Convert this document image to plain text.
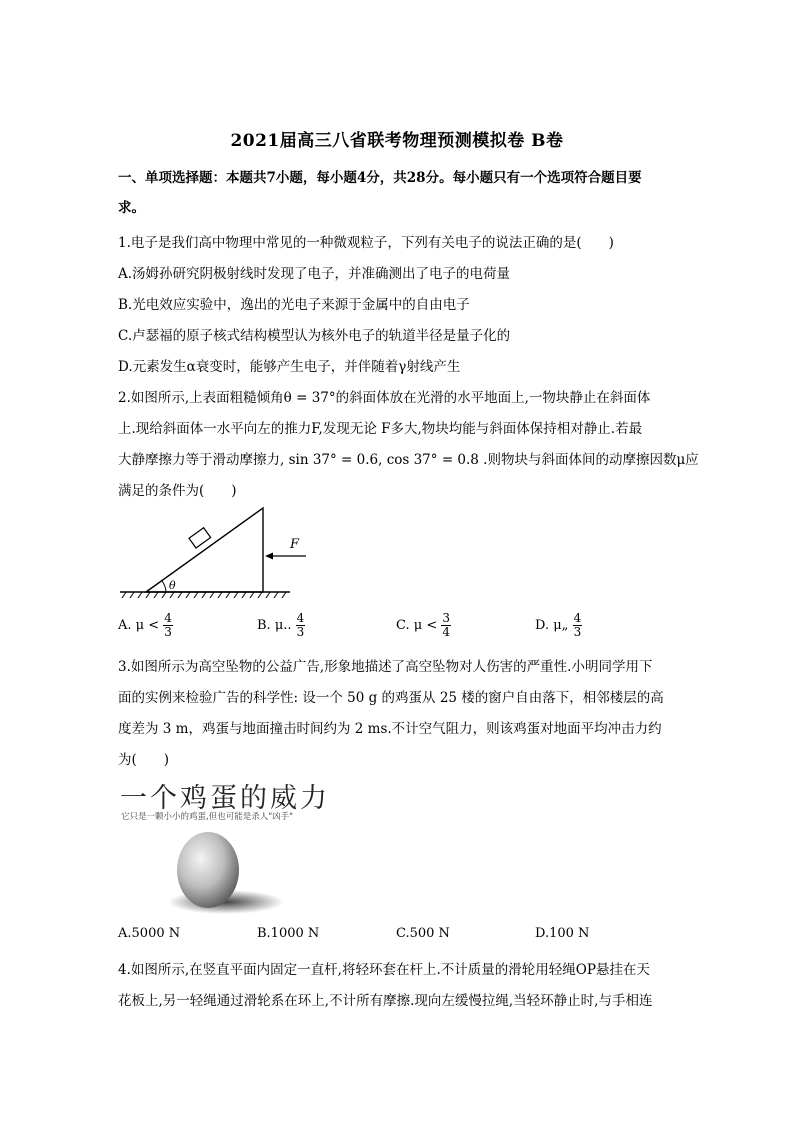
2021届高三八省联考物理预测模拟卷 B卷
一、单项选择题：本题共7小题，每小题4分，共28分。每小题只有一个选项符合题目要
求。
1.电子是我们高中物理中常见的一种微观粒子，下列有关电子的说法正确的是(　　)
A.汤姆孙研究阴极射线时发现了电子，并准确测出了电子的电荷量
B.光电效应实验中，逸出的光电子来源于金属中的自由电子
C.卢瑟福的原子核式结构模型认为核外电子的轨道半径是量子化的
D.元素发生α衰变时，能够产生电子，并伴随着γ射线产生
2.如图所示,上表面粗糙倾角θ = 37°的斜面体放在光滑的水平地面上,一物块静止在斜面体
上.现给斜面体一水平向左的推力F,发现无论 F多大,物块均能与斜面体保持相对静止.若最
大静摩擦力等于滑动摩擦力, sin 37° = 0.6, cos 37° = 0.8 .则物块与斜面体间的动摩擦因数μ应
满足的条件为(　　)
θ
F
A. $\mu < \frac{4}{3}$	B. μ.. $\frac{4}{3}$	C. $\mu < \frac{3}{4}$	D. μ„ $\frac{4}{3}$
3.如图所示为高空坠物的公益广告,形象地描述了高空坠物对人伤害的严重性.小明同学用下
面的实例来检验广告的科学性: 设一个 50 g 的鸡蛋从 25 楼的窗户自由落下，相邻楼层的高
度差为 3 m，鸡蛋与地面撞击时间约为 2 ms.不计空气阻力，则该鸡蛋对地面平均冲击力约
为(　　)
一个鸡蛋的威力
它只是一颗小小的鸡蛋,但也可能是杀人"凶手"
A.5000 N	B.1000 N	C.500 N	D.100 N
4.如图所示,在竖直平面内固定一直杆,将轻环套在杆上.不计质量的滑轮用轻绳OP悬挂在天
花板上,另一轻绳通过滑轮系在环上,不计所有摩擦.现向左缓慢拉绳,当轻环静止时,与手相连
